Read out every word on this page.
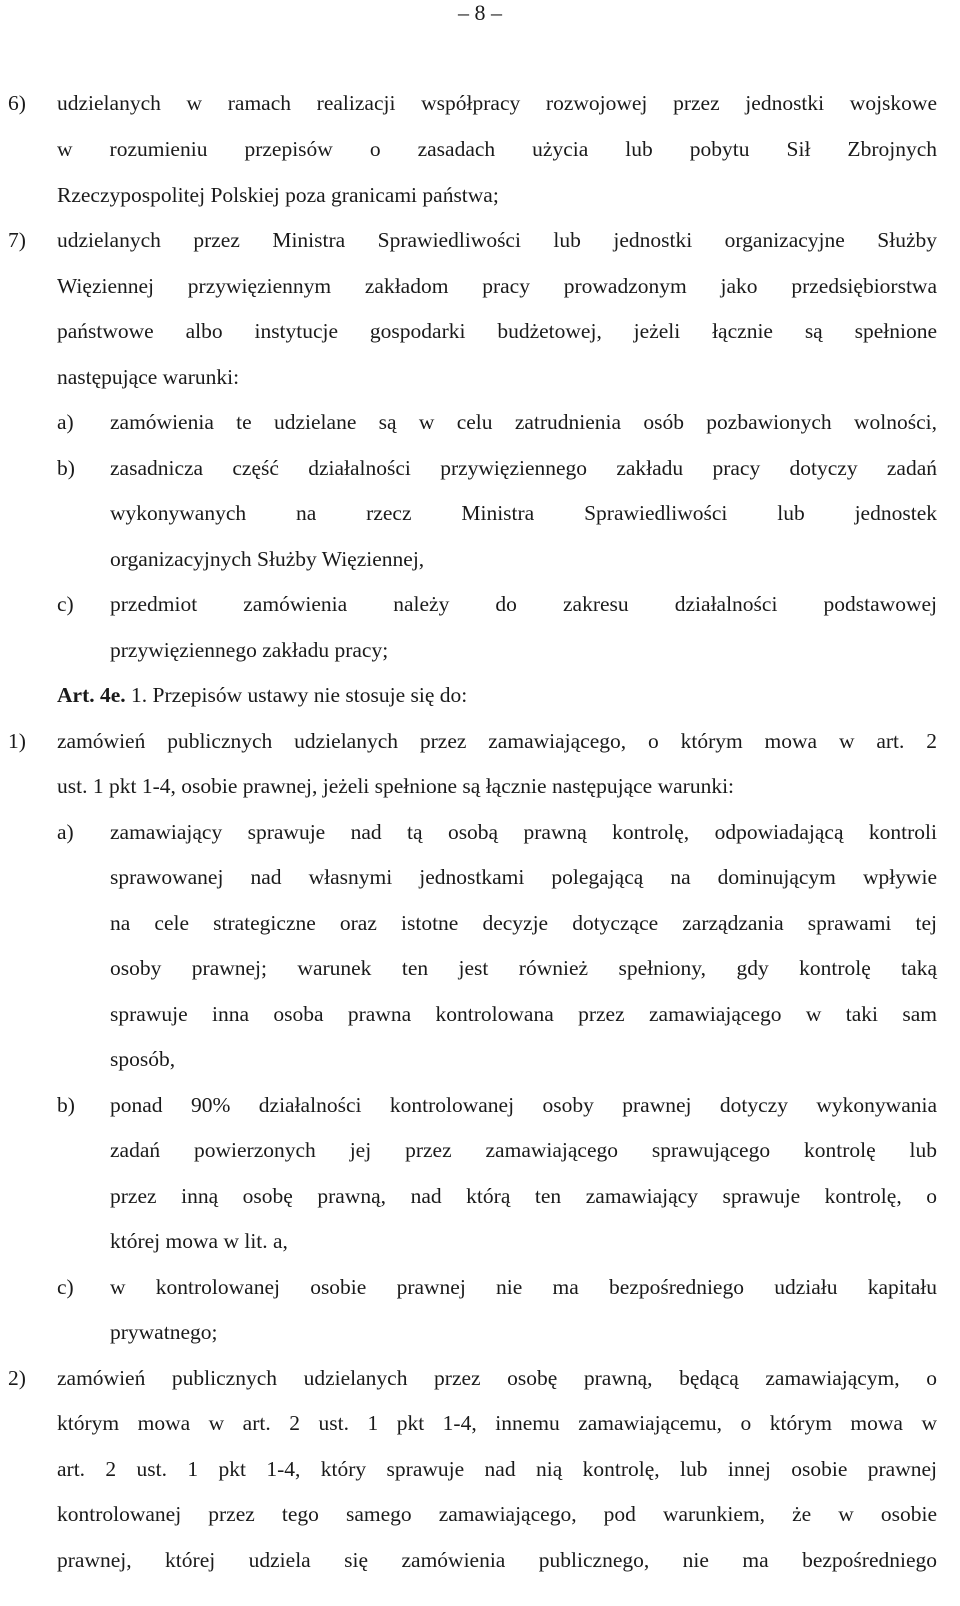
– 8 –
6) udzielanych w ramach realizacji współpracy rozwojowej przez jednostki wojskowe
w rozumieniu przepisów o zasadach użycia lub pobytu Sił Zbrojnych
Rzeczypospolitej Polskiej poza granicami państwa;
7) udzielanych przez Ministra Sprawiedliwości lub jednostki organizacyjne Służby
Więziennej przywięziennym zakładom pracy prowadzonym jako przedsiębiorstwa
państwowe albo instytucje gospodarki budżetowej, jeżeli łącznie są spełnione
następujące warunki:
a) zamówienia te udzielane są w celu zatrudnienia osób pozbawionych wolności,
b) zasadnicza część działalności przywięziennego zakładu pracy dotyczy zadań
wykonywanych na rzecz Ministra Sprawiedliwości lub jednostek
organizacyjnych Służby Więziennej,
c) przedmiot zamówienia należy do zakresu działalności podstawowej
przywięziennego zakładu pracy;
Art. 4e. 1. Przepisów ustawy nie stosuje się do:
1) zamówień publicznych udzielanych przez zamawiającego, o którym mowa w art. 2
ust. 1 pkt 1-4, osobie prawnej, jeżeli spełnione są łącznie następujące warunki:
a) zamawiający sprawuje nad tą osobą prawną kontrolę, odpowiadającą kontroli
sprawowanej nad własnymi jednostkami polegającą na dominującym wpływie
na cele strategiczne oraz istotne decyzje dotyczące zarządzania sprawami tej
osoby prawnej; warunek ten jest również spełniony, gdy kontrolę taką
sprawuje inna osoba prawna kontrolowana przez zamawiającego w taki sam
sposób,
b) ponad 90% działalności kontrolowanej osoby prawnej dotyczy wykonywania
zadań powierzonych jej przez zamawiającego sprawującego kontrolę lub
przez inną osobę prawną, nad którą ten zamawiający sprawuje kontrolę, o
której mowa w lit. a,
c) w kontrolowanej osobie prawnej nie ma bezpośredniego udziału kapitału
prywatnego;
2) zamówień publicznych udzielanych przez osobę prawną, będącą zamawiającym, o
którym mowa w art. 2 ust. 1 pkt 1-4, innemu zamawiającemu, o którym mowa w
art. 2 ust. 1 pkt 1-4, który sprawuje nad nią kontrolę, lub innej osobie prawnej
kontrolowanej przez tego samego zamawiającego, pod warunkiem, że w osobie
prawnej, której udziela się zamówienia publicznego, nie ma bezpośredniego
